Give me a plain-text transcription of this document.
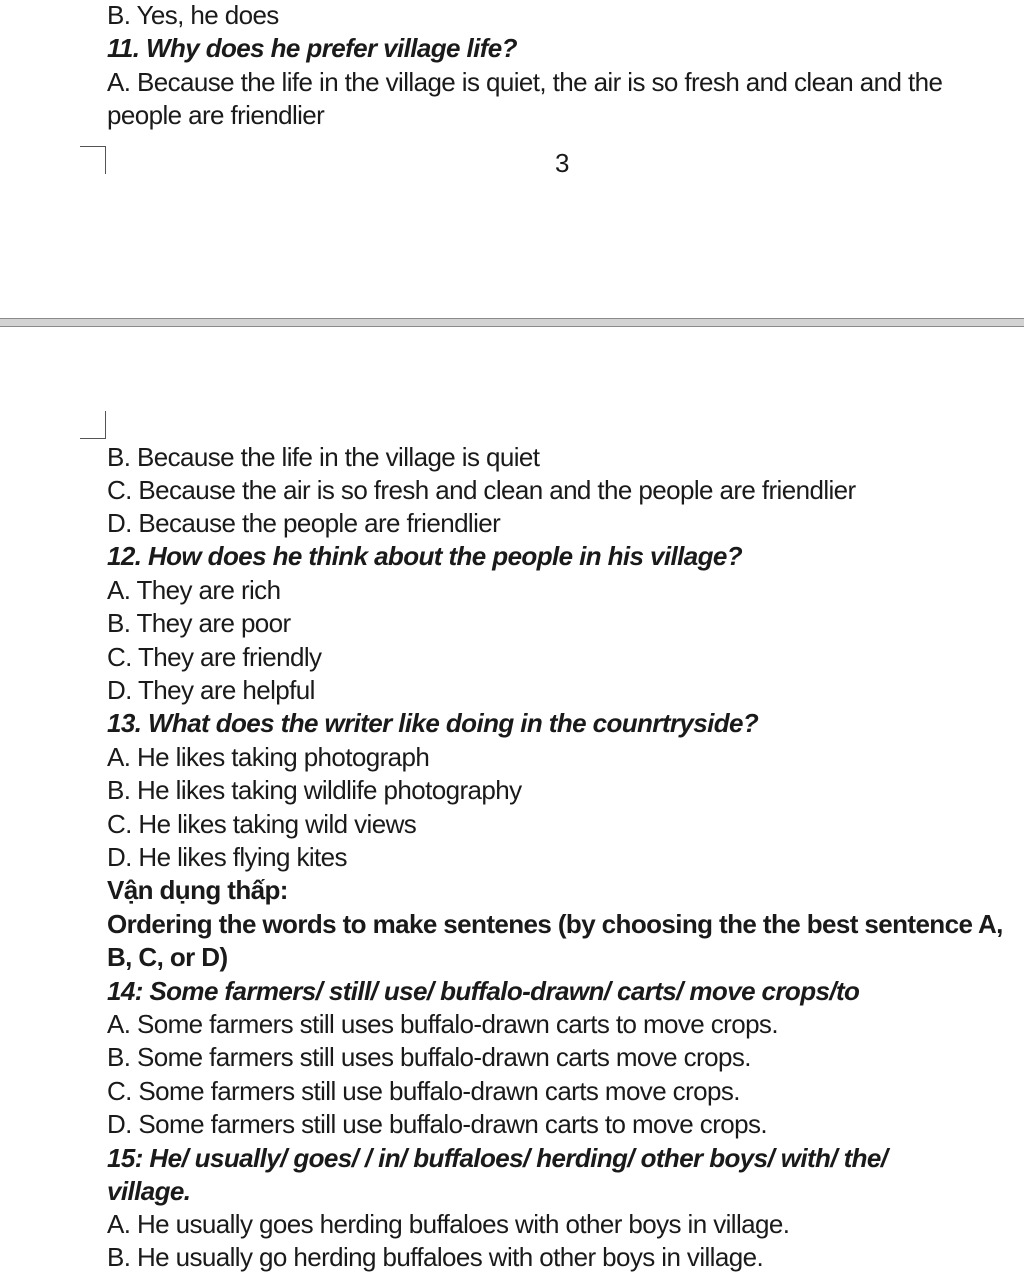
B. Yes, he does
11. Why does he prefer village life?
A. Because the life in the village is quiet, the air is so fresh and clean and the
people are friendlier
3
B. Because the life in the village is quiet
C. Because the air is so fresh and clean and the people are friendlier
D. Because the people are friendlier
12. How does he think about the people in his village?
A. They are rich
B. They are poor
C. They are friendly
D. They are helpful
13. What does the writer like doing in the counrtryside?
A. He likes taking photograph
B. He likes taking wildlife photography
C. He likes taking wild views
D. He likes flying kites
Vận dụng thấp:
Ordering the words to make sentenes (by choosing the the best sentence A,
B, C, or D)
14: Some farmers/ still/ use/ buffalo-drawn/ carts/ move crops/to
A. Some farmers still uses buffalo-drawn carts to move crops.
B. Some farmers still uses buffalo-drawn carts move crops.
C. Some farmers still use buffalo-drawn carts move crops.
D. Some farmers still use buffalo-drawn carts to move crops.
15: He/ usually/ goes/ / in/ buffaloes/ herding/ other boys/ with/ the/
village.
A. He usually goes herding buffaloes with other boys in village.
B. He usually go herding buffaloes with other boys in village.
